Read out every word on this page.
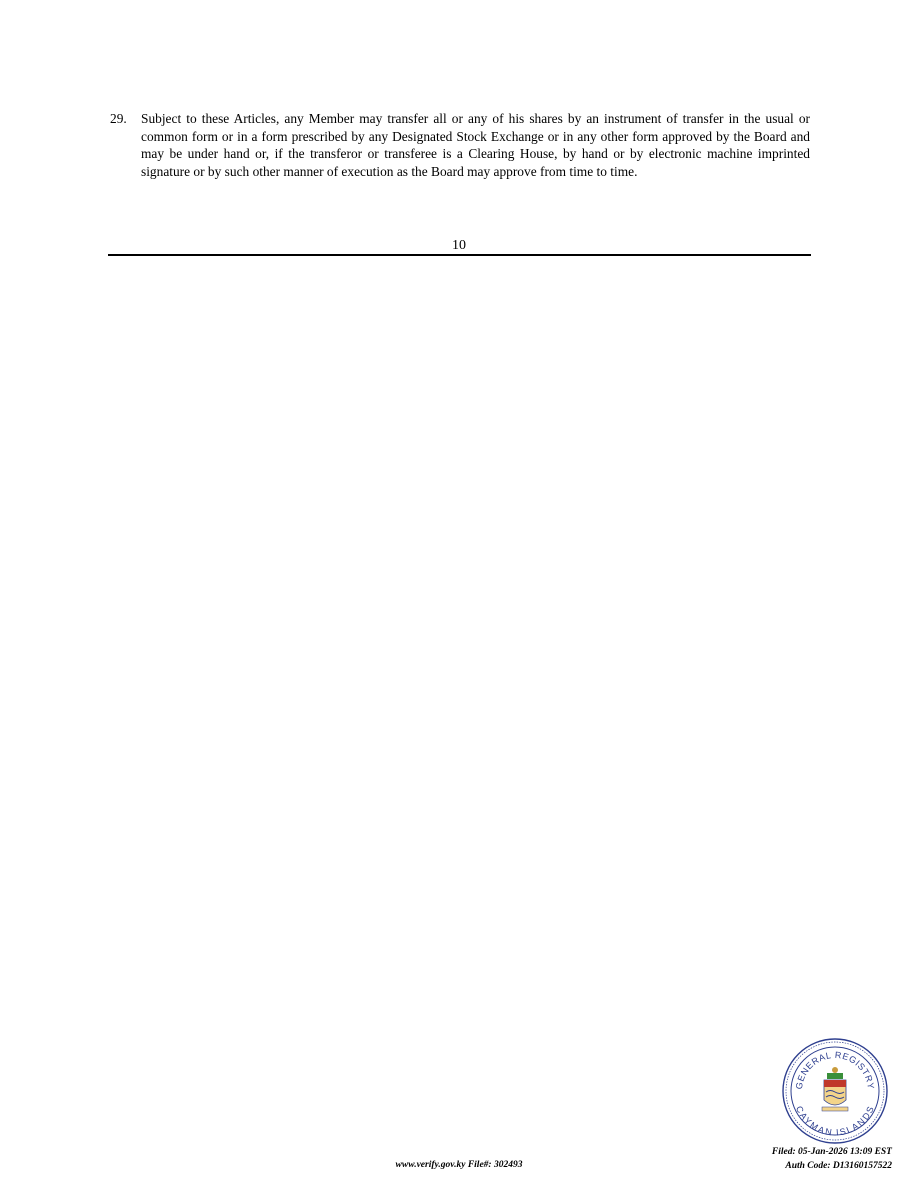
29. Subject to these Articles, any Member may transfer all or any of his shares by an instrument of transfer in the usual or common form or in a form prescribed by any Designated Stock Exchange or in any other form approved by the Board and may be under hand or, if the transferor or transferee is a Clearing House, by hand or by electronic machine imprinted signature or by such other manner of execution as the Board may approve from time to time.
10
GENERAL REGISTRY
CAYMAN ISLANDS
www.verify.gov.ky File#: 302493
Filed: 05-Jan-2026 13:09 EST
Auth Code: D13160157522
